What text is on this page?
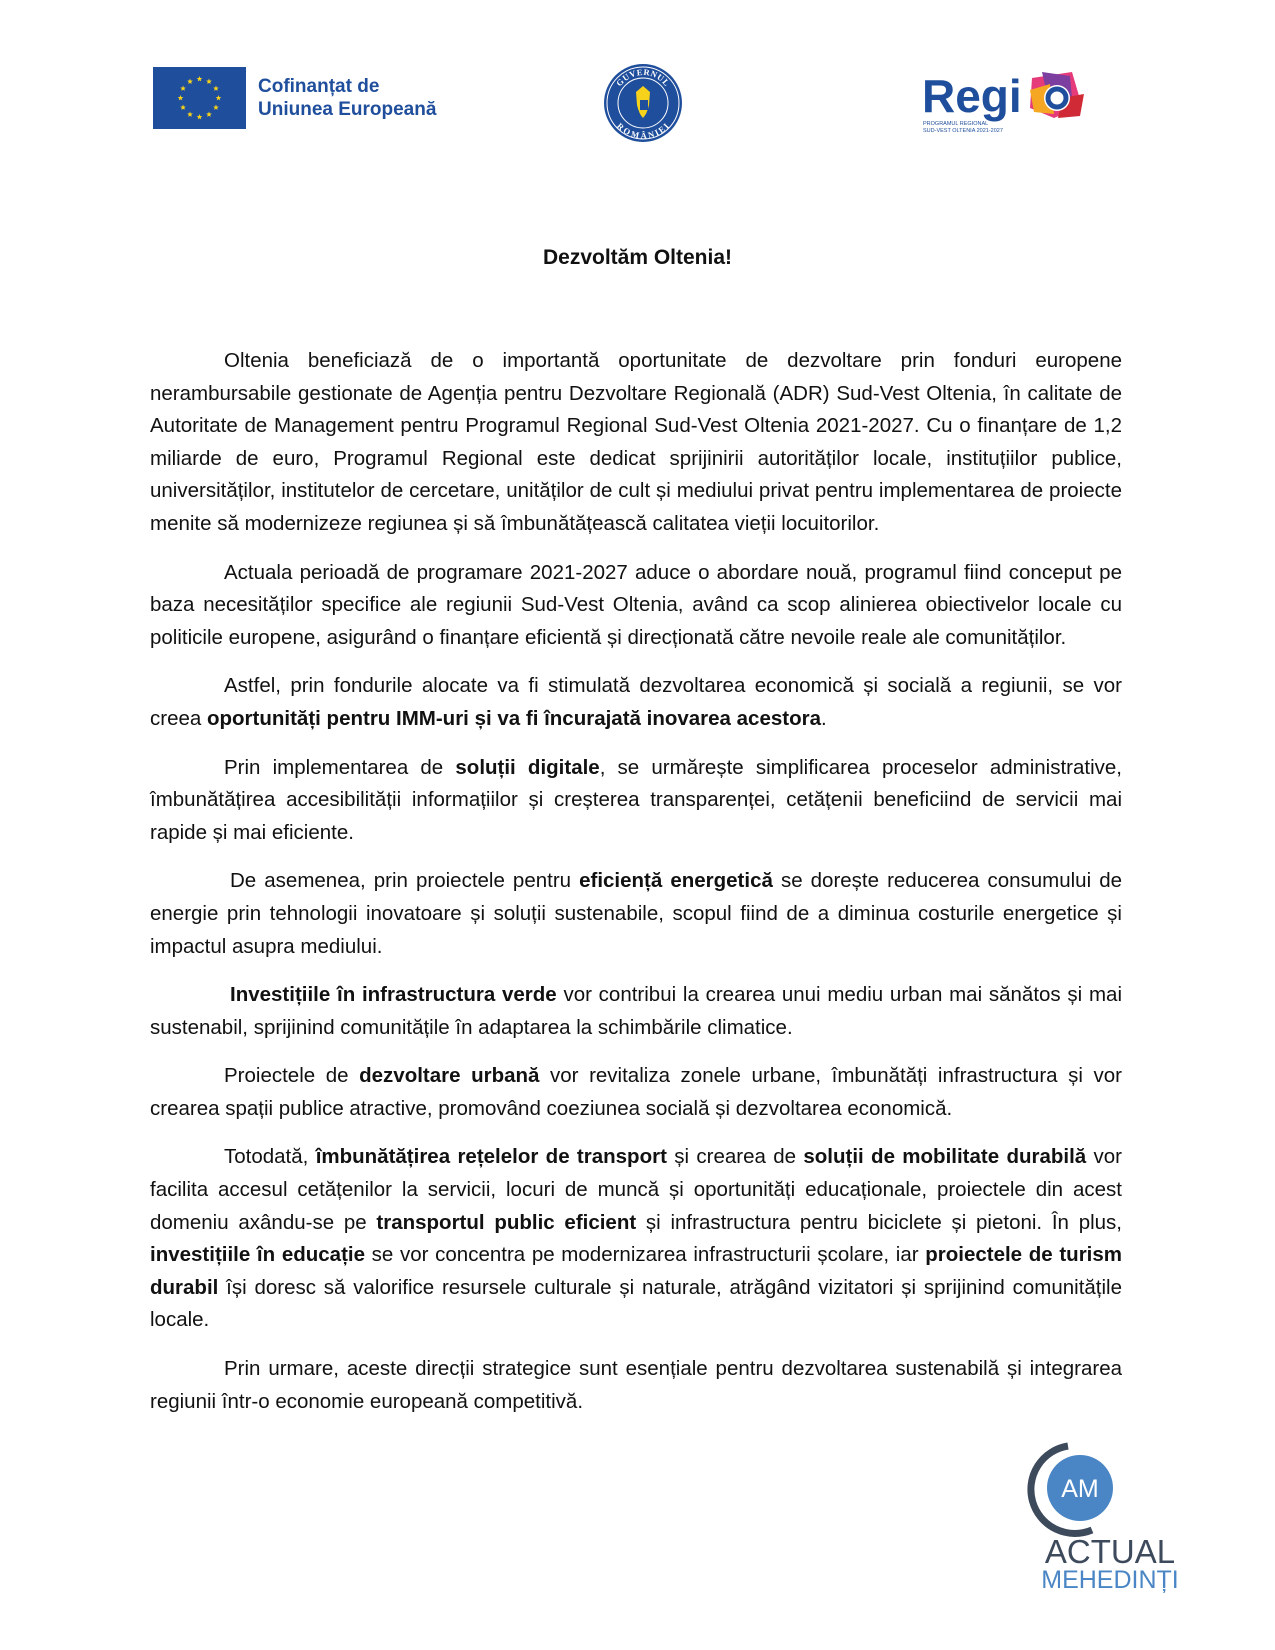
Cofinanțat de
Uniunea Europeană
GUVERNUL
ROMÂNIEI
Regi
PROGRAMUL REGIONAL
SUD-VEST OLTENIA 2021-2027
Dezvoltăm Oltenia!

Oltenia beneficiază de o importantă oportunitate de dezvoltare prin fonduri europene nerambursabile gestionate de Agenția pentru Dezvoltare Regională (ADR) Sud-Vest Oltenia, în calitate de Autoritate de Management pentru Programul Regional Sud-Vest Oltenia 2021-2027. Cu o finanțare de 1,2 miliarde de euro, Programul Regional este dedicat sprijinirii autorităților locale, instituțiilor publice, universităților, institutelor de cercetare, unităților de cult și mediului privat pentru implementarea de proiecte menite să modernizeze regiunea și să îmbunătățească calitatea vieții locuitorilor.

Actuala perioadă de programare 2021-2027 aduce o abordare nouă, programul fiind conceput pe baza necesităților specifice ale regiunii Sud-Vest Oltenia, având ca scop alinierea obiectivelor locale cu politicile europene, asigurând o finanțare eficientă și direcționată către nevoile reale ale comunităților.

Astfel, prin fondurile alocate va fi stimulată dezvoltarea economică și socială a regiunii, se vor creea oportunități pentru IMM-uri și va fi încurajată inovarea acestora.

Prin implementarea de soluții digitale, se urmărește simplificarea proceselor administrative, îmbunătățirea accesibilității informațiilor și creșterea transparenței, cetățenii beneficiind de servicii mai rapide și mai eficiente.

De asemenea, prin proiectele pentru eficiență energetică se dorește reducerea consumului de energie prin tehnologii inovatoare și soluții sustenabile, scopul fiind de a diminua costurile energetice și impactul asupra mediului.

Investițiile în infrastructura verde vor contribui la crearea unui mediu urban mai sănătos și mai sustenabil, sprijinind comunitățile în adaptarea la schimbările climatice.

Proiectele de dezvoltare urbană vor revitaliza zonele urbane, îmbunătăți infrastructura și vor crearea spații publice atractive, promovând coeziunea socială și dezvoltarea economică.

Totodată, îmbunătățirea rețelelor de transport și crearea de soluții de mobilitate durabilă vor facilita accesul cetățenilor la servicii, locuri de muncă și oportunități educaționale, proiectele din acest domeniu axându-se pe transportul public eficient și infrastructura pentru biciclete și pietoni. În plus, investițiile în educație se vor concentra pe modernizarea infrastructurii școlare, iar proiectele de turism durabil își doresc să valorifice resursele culturale și naturale, atrăgând vizitatori și sprijinind comunitățile locale.

Prin urmare, aceste direcții strategice sunt esențiale pentru dezvoltarea sustenabilă și integrarea regiunii într-o economie europeană competitivă.

AM
ACTUAL
MEHEDINȚI
